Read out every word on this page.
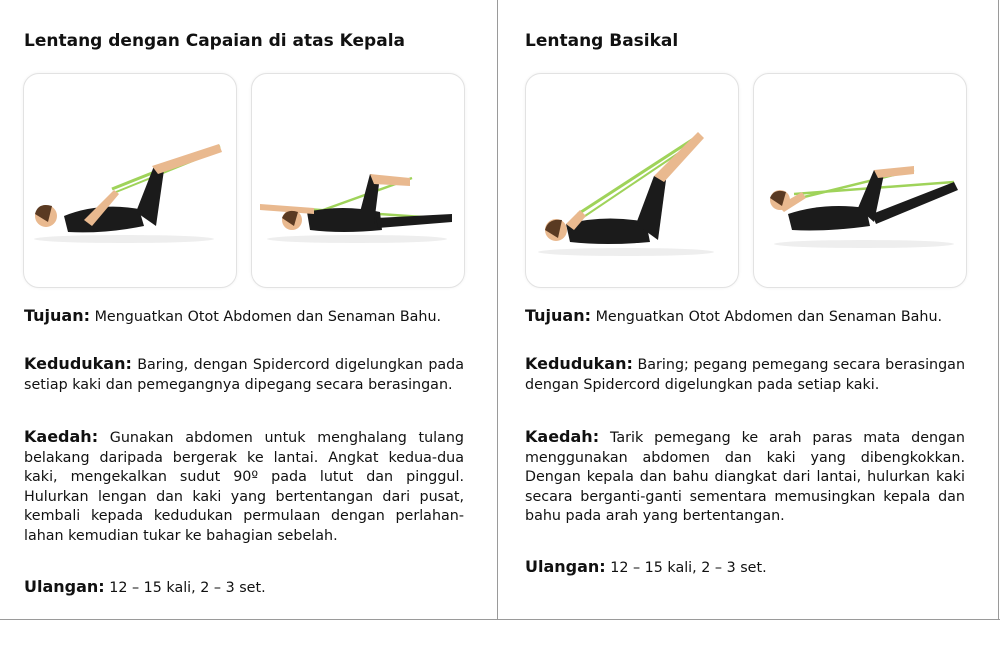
Lentang dengan Capaian di atas Kepala
Tujuan: Menguatkan Otot Abdomen dan Senaman Bahu.
Kedudukan: Baring, dengan Spidercord digelungkan pada setiap kaki dan pemegangnya dipegang secara berasingan.
Kaedah: Gunakan abdomen untuk menghalang tulang belakang daripada bergerak ke lantai. Angkat kedua-dua kaki, mengekalkan sudut 90º pada lutut dan pinggul. Hulurkan lengan dan kaki yang bertentangan dari pusat, kembali kepada kedudukan permulaan dengan perlahan-lahan kemudian tukar ke bahagian sebelah.
Ulangan: 12 – 15 kali, 2 – 3 set.
Lentang Basikal
Tujuan: Menguatkan Otot Abdomen dan Senaman Bahu.
Kedudukan: Baring; pegang pemegang secara berasingan dengan Spidercord digelungkan pada setiap kaki.
Kaedah: Tarik pemegang ke arah paras mata dengan menggunakan abdomen dan kaki yang dibengkokkan. Dengan kepala dan bahu diangkat dari lantai, hulurkan kaki secara berganti-ganti sementara memusingkan kepala dan bahu pada arah yang bertentangan.
Ulangan: 12 – 15 kali, 2 – 3 set.
